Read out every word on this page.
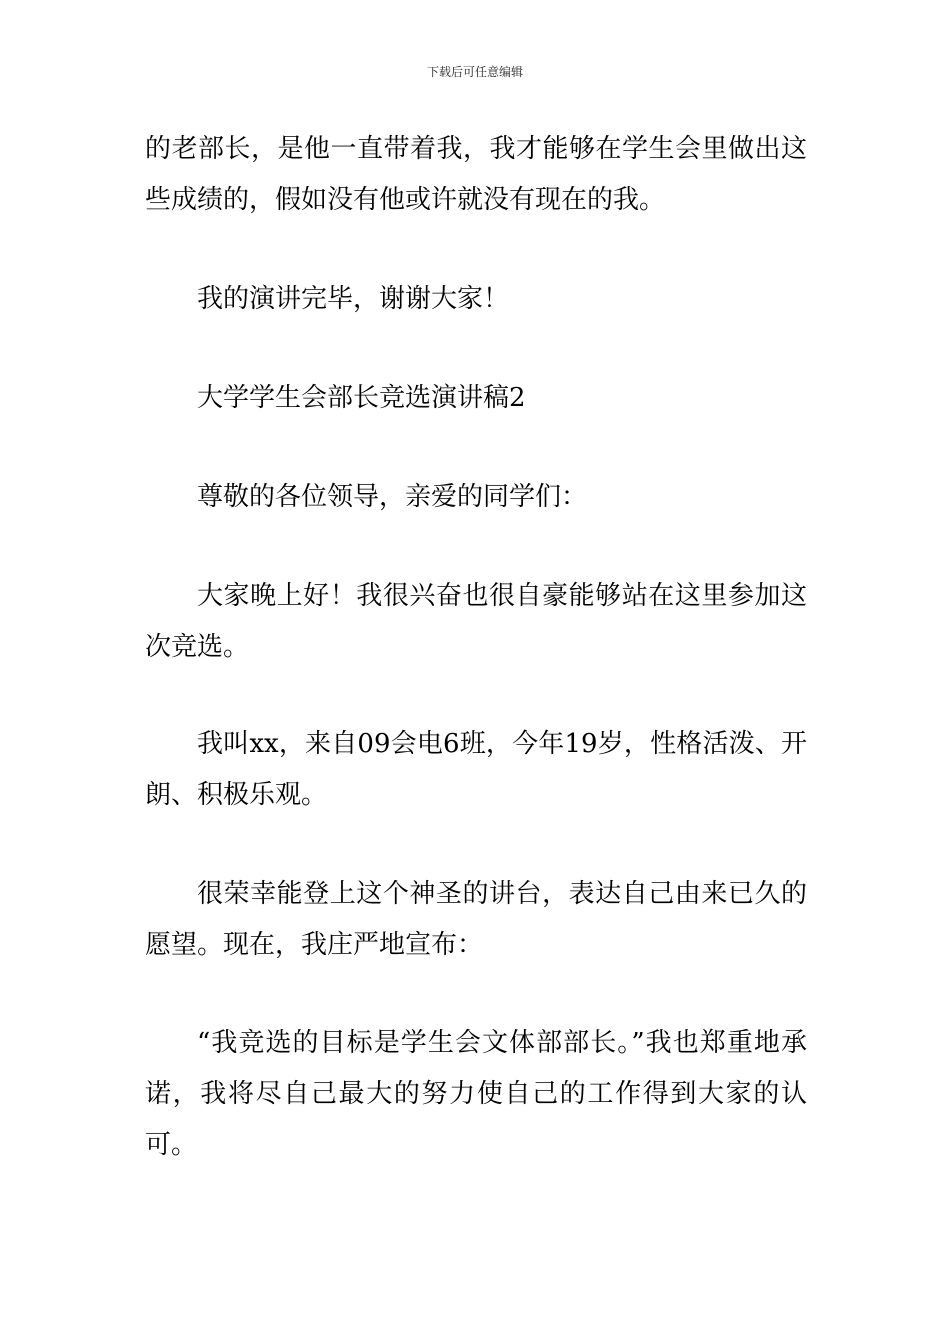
下载后可任意编辑
的老部长，是他一直带着我，我才能够在学生会里做出这些成绩的，假如没有他或许就没有现在的我。
我的演讲完毕，谢谢大家！
大学学生会部长竞选演讲稿2
尊敬的各位领导，亲爱的同学们：
大家晚上好！我很兴奋也很自豪能够站在这里参加这次竞选。
我叫xx，来自09会电6班，今年19岁，性格活泼、开朗、积极乐观。
很荣幸能登上这个神圣的讲台，表达自己由来已久的愿望。现在，我庄严地宣布：
“我竞选的目标是学生会文体部部长。”我也郑重地承诺，我将尽自己最大的努力使自己的工作得到大家的认可。
